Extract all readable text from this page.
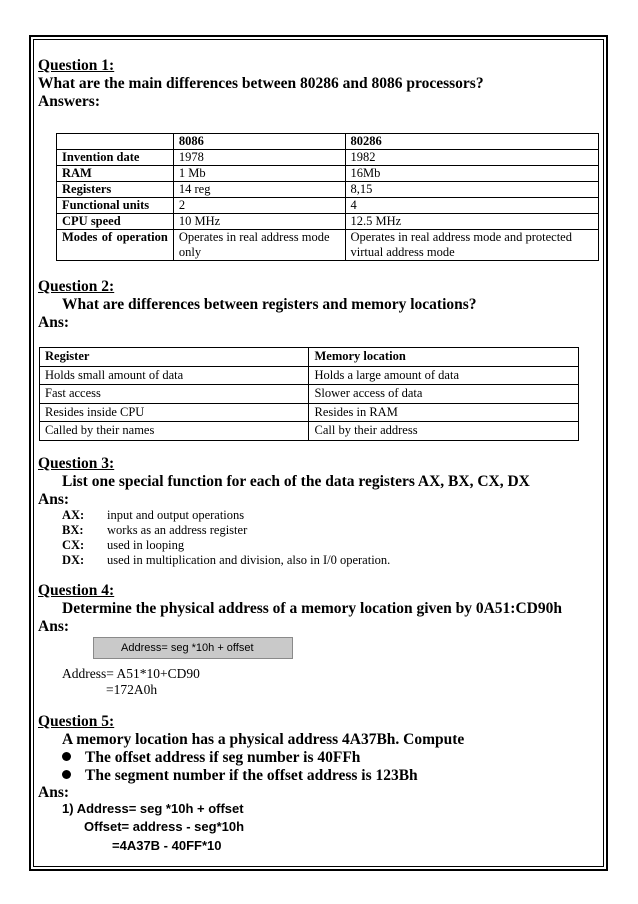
Question 1:
What are the main differences between 80286 and 8086 processors?
Answers:
	8086	80286
Invention date	1978	1982
RAM	1 Mb	16Mb
Registers	14 reg	8,15
Functional units	2	4
CPU speed	10 MHz	12.5 MHz
Modes of operation	Operates in real address mode only	Operates in real address mode and protected virtual address mode
Question 2:
What are differences between registers and memory locations?
Ans:
Register	Memory location
Holds small amount of data	Holds a large amount of data
Fast access	Slower access of data
Resides inside CPU	Resides in RAM
Called by their names	Call by their address
Question 3:
List one special function for each of the data registers AX, BX, CX, DX
Ans:
AX: input and output operations
BX: works as an address register
CX: used in looping
DX: used in multiplication and division, also in I/0 operation.
Question 4:
Determine the physical address of a memory location given by 0A51:CD90h
Ans:
Address= seg *10h + offset
Address= A51*10+CD90
=172A0h
Question 5:
A memory location has a physical address 4A37Bh. Compute
The offset address if seg number is 40FFh
The segment number if the offset address is 123Bh
Ans:
1) Address= seg *10h + offset
Offset= address - seg*10h
=4A37B - 40FF*10
